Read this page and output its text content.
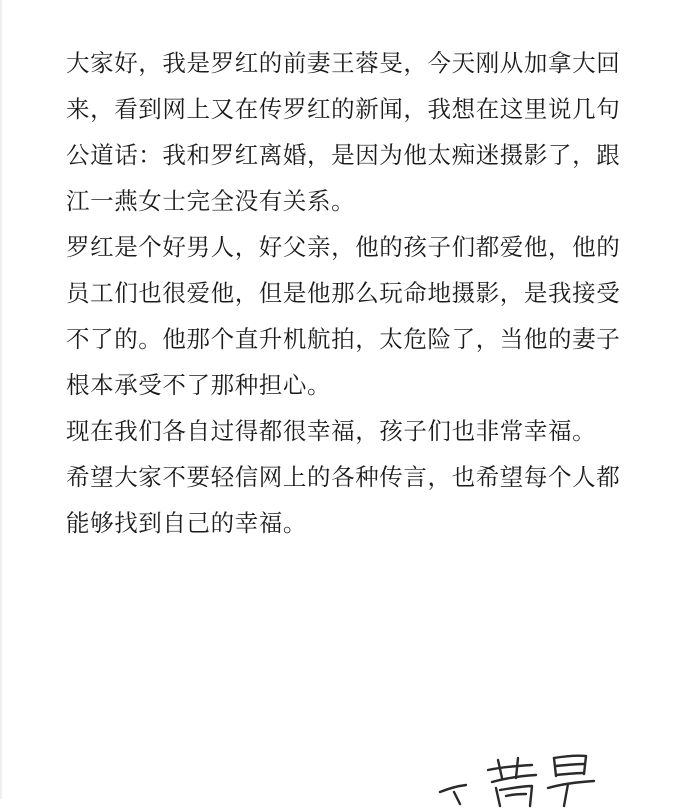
大家好，我是罗红的前妻王蓉旻，今天刚从加拿大回
来，看到网上又在传罗红的新闻，我想在这里说几句
公道话：我和罗红离婚，是因为他太痴迷摄影了，跟
江一燕女士完全没有关系。
罗红是个好男人，好父亲，他的孩子们都爱他，他的
员工们也很爱他，但是他那么玩命地摄影，是我接受
不了的。他那个直升机航拍，太危险了，当他的妻子
根本承受不了那种担心。
现在我们各自过得都很幸福，孩子们也非常幸福。
希望大家不要轻信网上的各种传言，也希望每个人都
能够找到自己的幸福。
